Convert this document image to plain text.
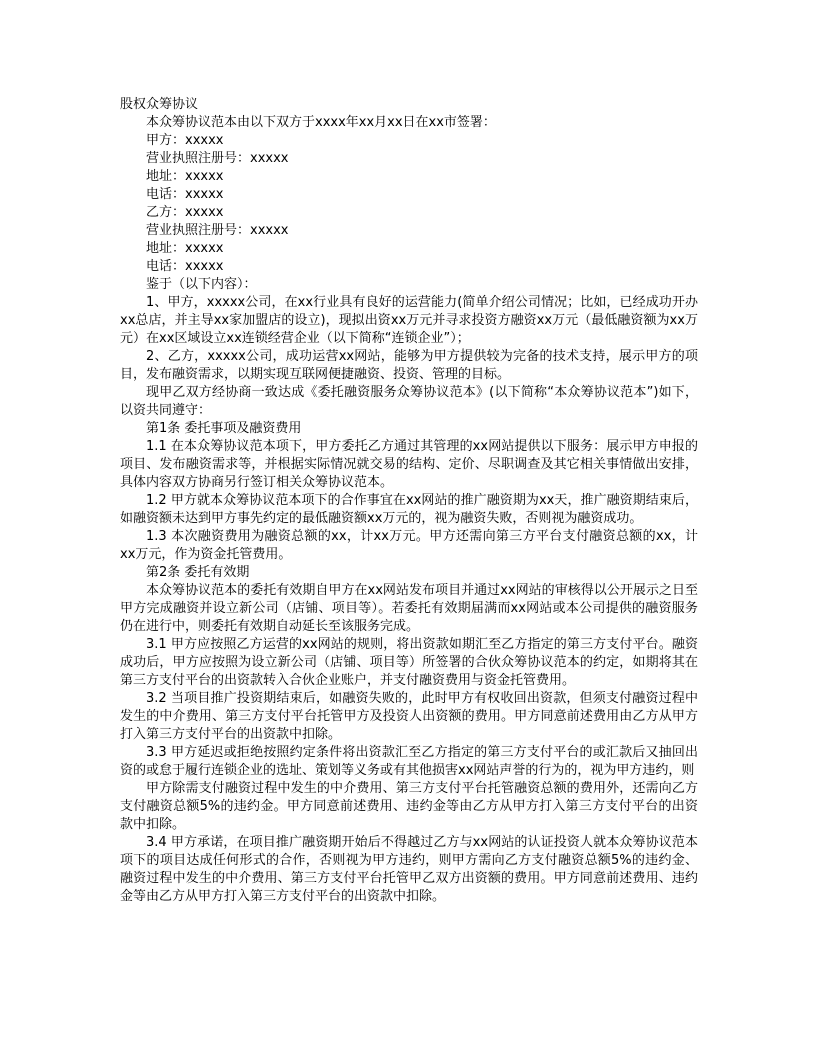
股权众筹协议

本众筹协议范本由以下双方于xxxx年xx月xx日在xx市签署：

甲方：xxxxx

营业执照注册号：xxxxx

地址：xxxxx

电话：xxxxx

乙方：xxxxx

营业执照注册号：xxxxx

地址：xxxxx

电话：xxxxx

鉴于（以下内容）：

1、甲方，xxxxx公司，在xx行业具有良好的运营能力(简单介绍公司情况；比如，已经成功开办xx总店，并主导xx家加盟店的设立)，现拟出资xx万元并寻求投资方融资xx万元（最低融资额为xx万元）在xx区域设立xx连锁经营企业（以下简称“连锁企业”）；

2、乙方，xxxxx公司，成功运营xx网站，能够为甲方提供较为完备的技术支持，展示甲方的项目，发布融资需求，以期实现互联网便捷融资、投资、管理的目标。

现甲乙双方经协商一致达成《委托融资服务众筹协议范本》(以下简称“本众筹协议范本”)如下，以资共同遵守：

第1条 委托事项及融资费用

1.1 在本众筹协议范本项下，甲方委托乙方通过其管理的xx网站提供以下服务：展示甲方申报的项目、发布融资需求等，并根据实际情况就交易的结构、定价、尽职调查及其它相关事情做出安排，具体内容双方协商另行签订相关众筹协议范本。

1.2 甲方就本众筹协议范本项下的合作事宜在xx网站的推广融资期为xx天，推广融资期结束后，如融资额未达到甲方事先约定的最低融资额xx万元的，视为融资失败，否则视为融资成功。

1.3 本次融资费用为融资总额的xx，计xx万元。甲方还需向第三方平台支付融资总额的xx，计xx万元，作为资金托管费用。

第2条 委托有效期

本众筹协议范本的委托有效期自甲方在xx网站发布项目并通过xx网站的审核得以公开展示之日至甲方完成融资并设立新公司（店铺、项目等）。若委托有效期届满而xx网站或本公司提供的融资服务仍在进行中，则委托有效期自动延长至该服务完成。

3.1 甲方应按照乙方运营的xx网站的规则，将出资款如期汇至乙方指定的第三方支付平台。融资成功后，甲方应按照为设立新公司（店铺、项目等）所签署的合伙众筹协议范本的约定，如期将其在第三方支付平台的出资款转入合伙企业账户，并支付融资费用与资金托管费用。

3.2 当项目推广投资期结束后，如融资失败的，此时甲方有权收回出资款，但须支付融资过程中发生的中介费用、第三方支付平台托管甲方及投资人出资额的费用。甲方同意前述费用由乙方从甲方打入第三方支付平台的出资款中扣除。

3.3 甲方延迟或拒绝按照约定条件将出资款汇至乙方指定的第三方支付平台的或汇款后又抽回出资的或怠于履行连锁企业的选址、策划等义务或有其他损害xx网站声誉的行为的，视为甲方违约，则

甲方除需支付融资过程中发生的中介费用、第三方支付平台托管融资总额的费用外，还需向乙方支付融资总额5%的违约金。甲方同意前述费用、违约金等由乙方从甲方打入第三方支付平台的出资款中扣除。

3.4 甲方承诺，在项目推广融资期开始后不得越过乙方与xx网站的认证投资人就本众筹协议范本项下的项目达成任何形式的合作，否则视为甲方违约，则甲方需向乙方支付融资总额5%的违约金、融资过程中发生的中介费用、第三方支付平台托管甲乙双方出资额的费用。甲方同意前述费用、违约金等由乙方从甲方打入第三方支付平台的出资款中扣除。
